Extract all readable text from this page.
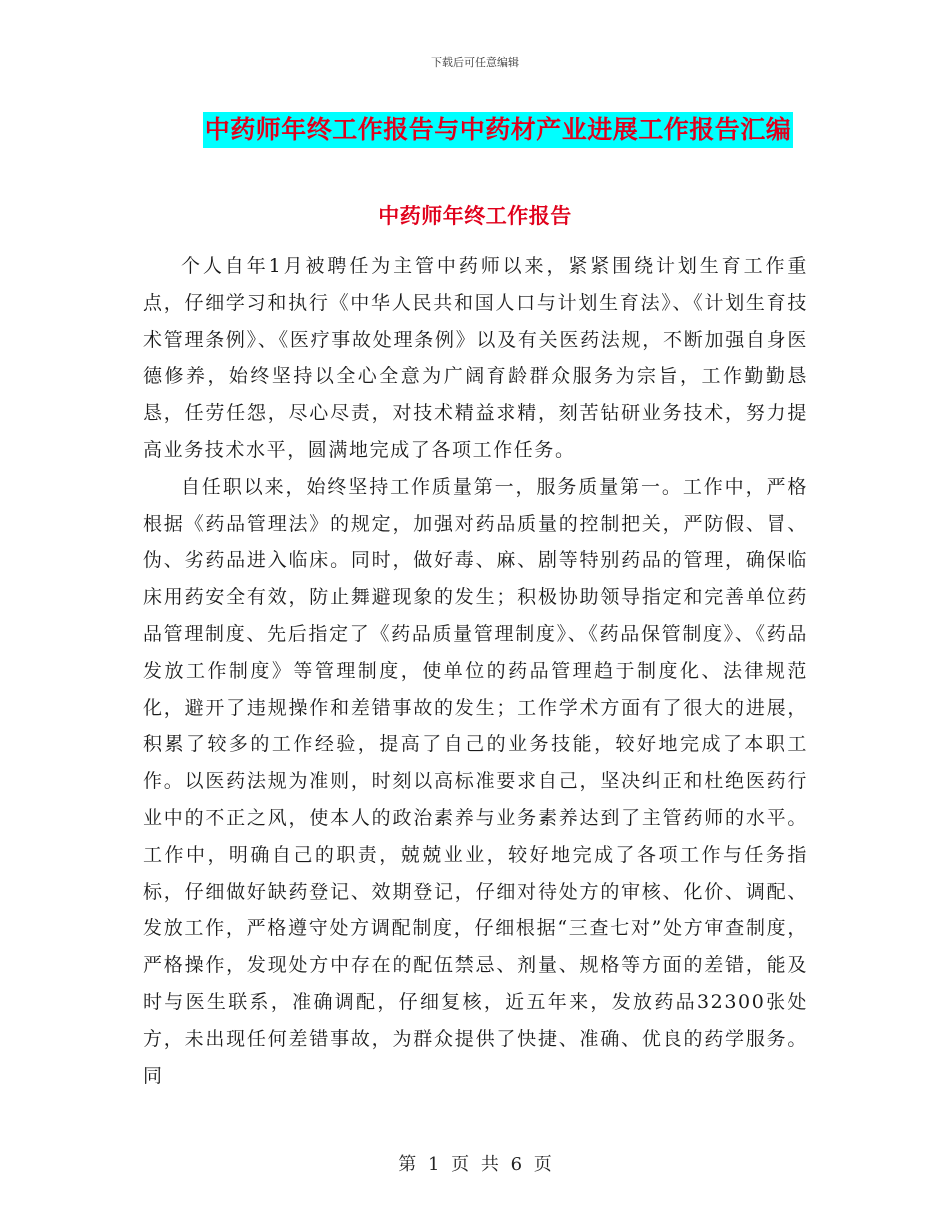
下载后可任意编辑
中药师年终工作报告与中药材产业进展工作报告汇编
中药师年终工作报告

个人自年1月被聘任为主管中药师以来，紧紧围绕计划生育工作重点，仔细学习和执行《中华人民共和国人口与计划生育法》、《计划生育技术管理条例》、《医疗事故处理条例》以及有关医药法规，不断加强自身医德修养，始终坚持以全心全意为广阔育龄群众服务为宗旨，工作勤勤恳恳，任劳任怨，尽心尽责，对技术精益求精，刻苦钻研业务技术，努力提高业务技术水平，圆满地完成了各项工作任务。

自任职以来，始终坚持工作质量第一，服务质量第一。工作中，严格根据《药品管理法》的规定，加强对药品质量的控制把关，严防假、冒、伪、劣药品进入临床。同时，做好毒、麻、剧等特别药品的管理，确保临床用药安全有效，防止舞避现象的发生；积极协助领导指定和完善单位药品管理制度、先后指定了《药品质量管理制度》、《药品保管制度》、《药品发放工作制度》等管理制度，使单位的药品管理趋于制度化、法律规范化，避开了违规操作和差错事故的发生；工作学术方面有了很大的进展，积累了较多的工作经验，提高了自己的业务技能，较好地完成了本职工作。以医药法规为准则，时刻以高标准要求自己，坚决纠正和杜绝医药行业中的不正之风，使本人的政治素养与业务素养达到了主管药师的水平。工作中，明确自己的职责，兢兢业业，较好地完成了各项工作与任务指标，仔细做好缺药登记、效期登记，仔细对待处方的审核、化价、调配、发放工作，严格遵守处方调配制度，仔细根据“三查七对”处方审查制度，严格操作，发现处方中存在的配伍禁忌、剂量、规格等方面的差错，能及时与医生联系，准确调配，仔细复核，近五年来，发放药品32300张处方，未出现任何差错事故，为群众提供了快捷、准确、优良的药学服务。同

第 1 页 共 6 页
